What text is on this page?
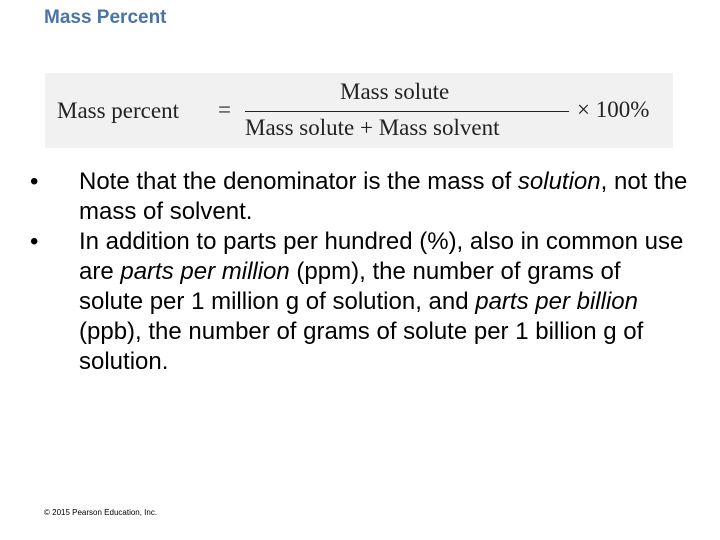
Mass Percent
Mass percent =
Mass solute
Mass solute + Mass solvent
× 100%
• Note that the denominator is the mass of solution, not the mass of solvent.
• In addition to parts per hundred (%), also in common use are parts per million (ppm), the number of grams of solute per 1 million g of solution, and parts per billion (ppb), the number of grams of solute per 1 billion g of solution.
© 2015 Pearson Education, Inc.
